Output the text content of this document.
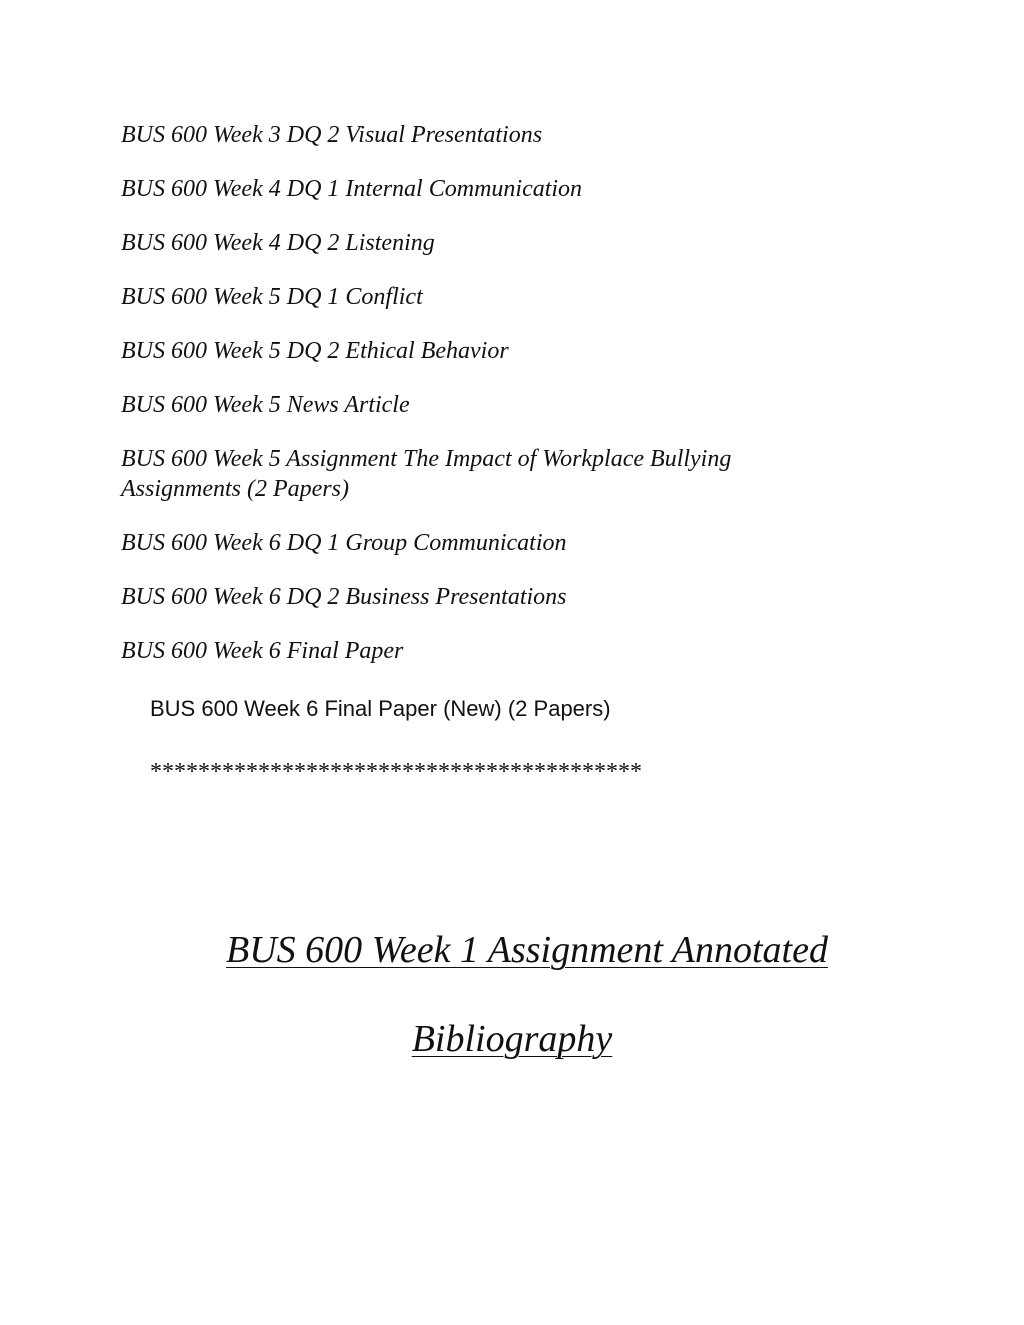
BUS 600 Week 3 DQ 2 Visual Presentations
BUS 600 Week 4 DQ 1 Internal Communication
BUS 600 Week 4 DQ 2 Listening
BUS 600 Week 5 DQ 1 Conflict
BUS 600 Week 5 DQ 2 Ethical Behavior
BUS 600 Week 5 News Article
BUS 600 Week 5 Assignment The Impact of Workplace Bullying Assignments (2 Papers)
BUS 600 Week 6 DQ 1 Group Communication
BUS 600 Week 6 DQ 2 Business Presentations
BUS 600 Week 6 Final Paper
BUS 600 Week 6 Final Paper (New) (2 Papers)
*****************************************
BUS 600 Week 1 Assignment Annotated
Bibliography
